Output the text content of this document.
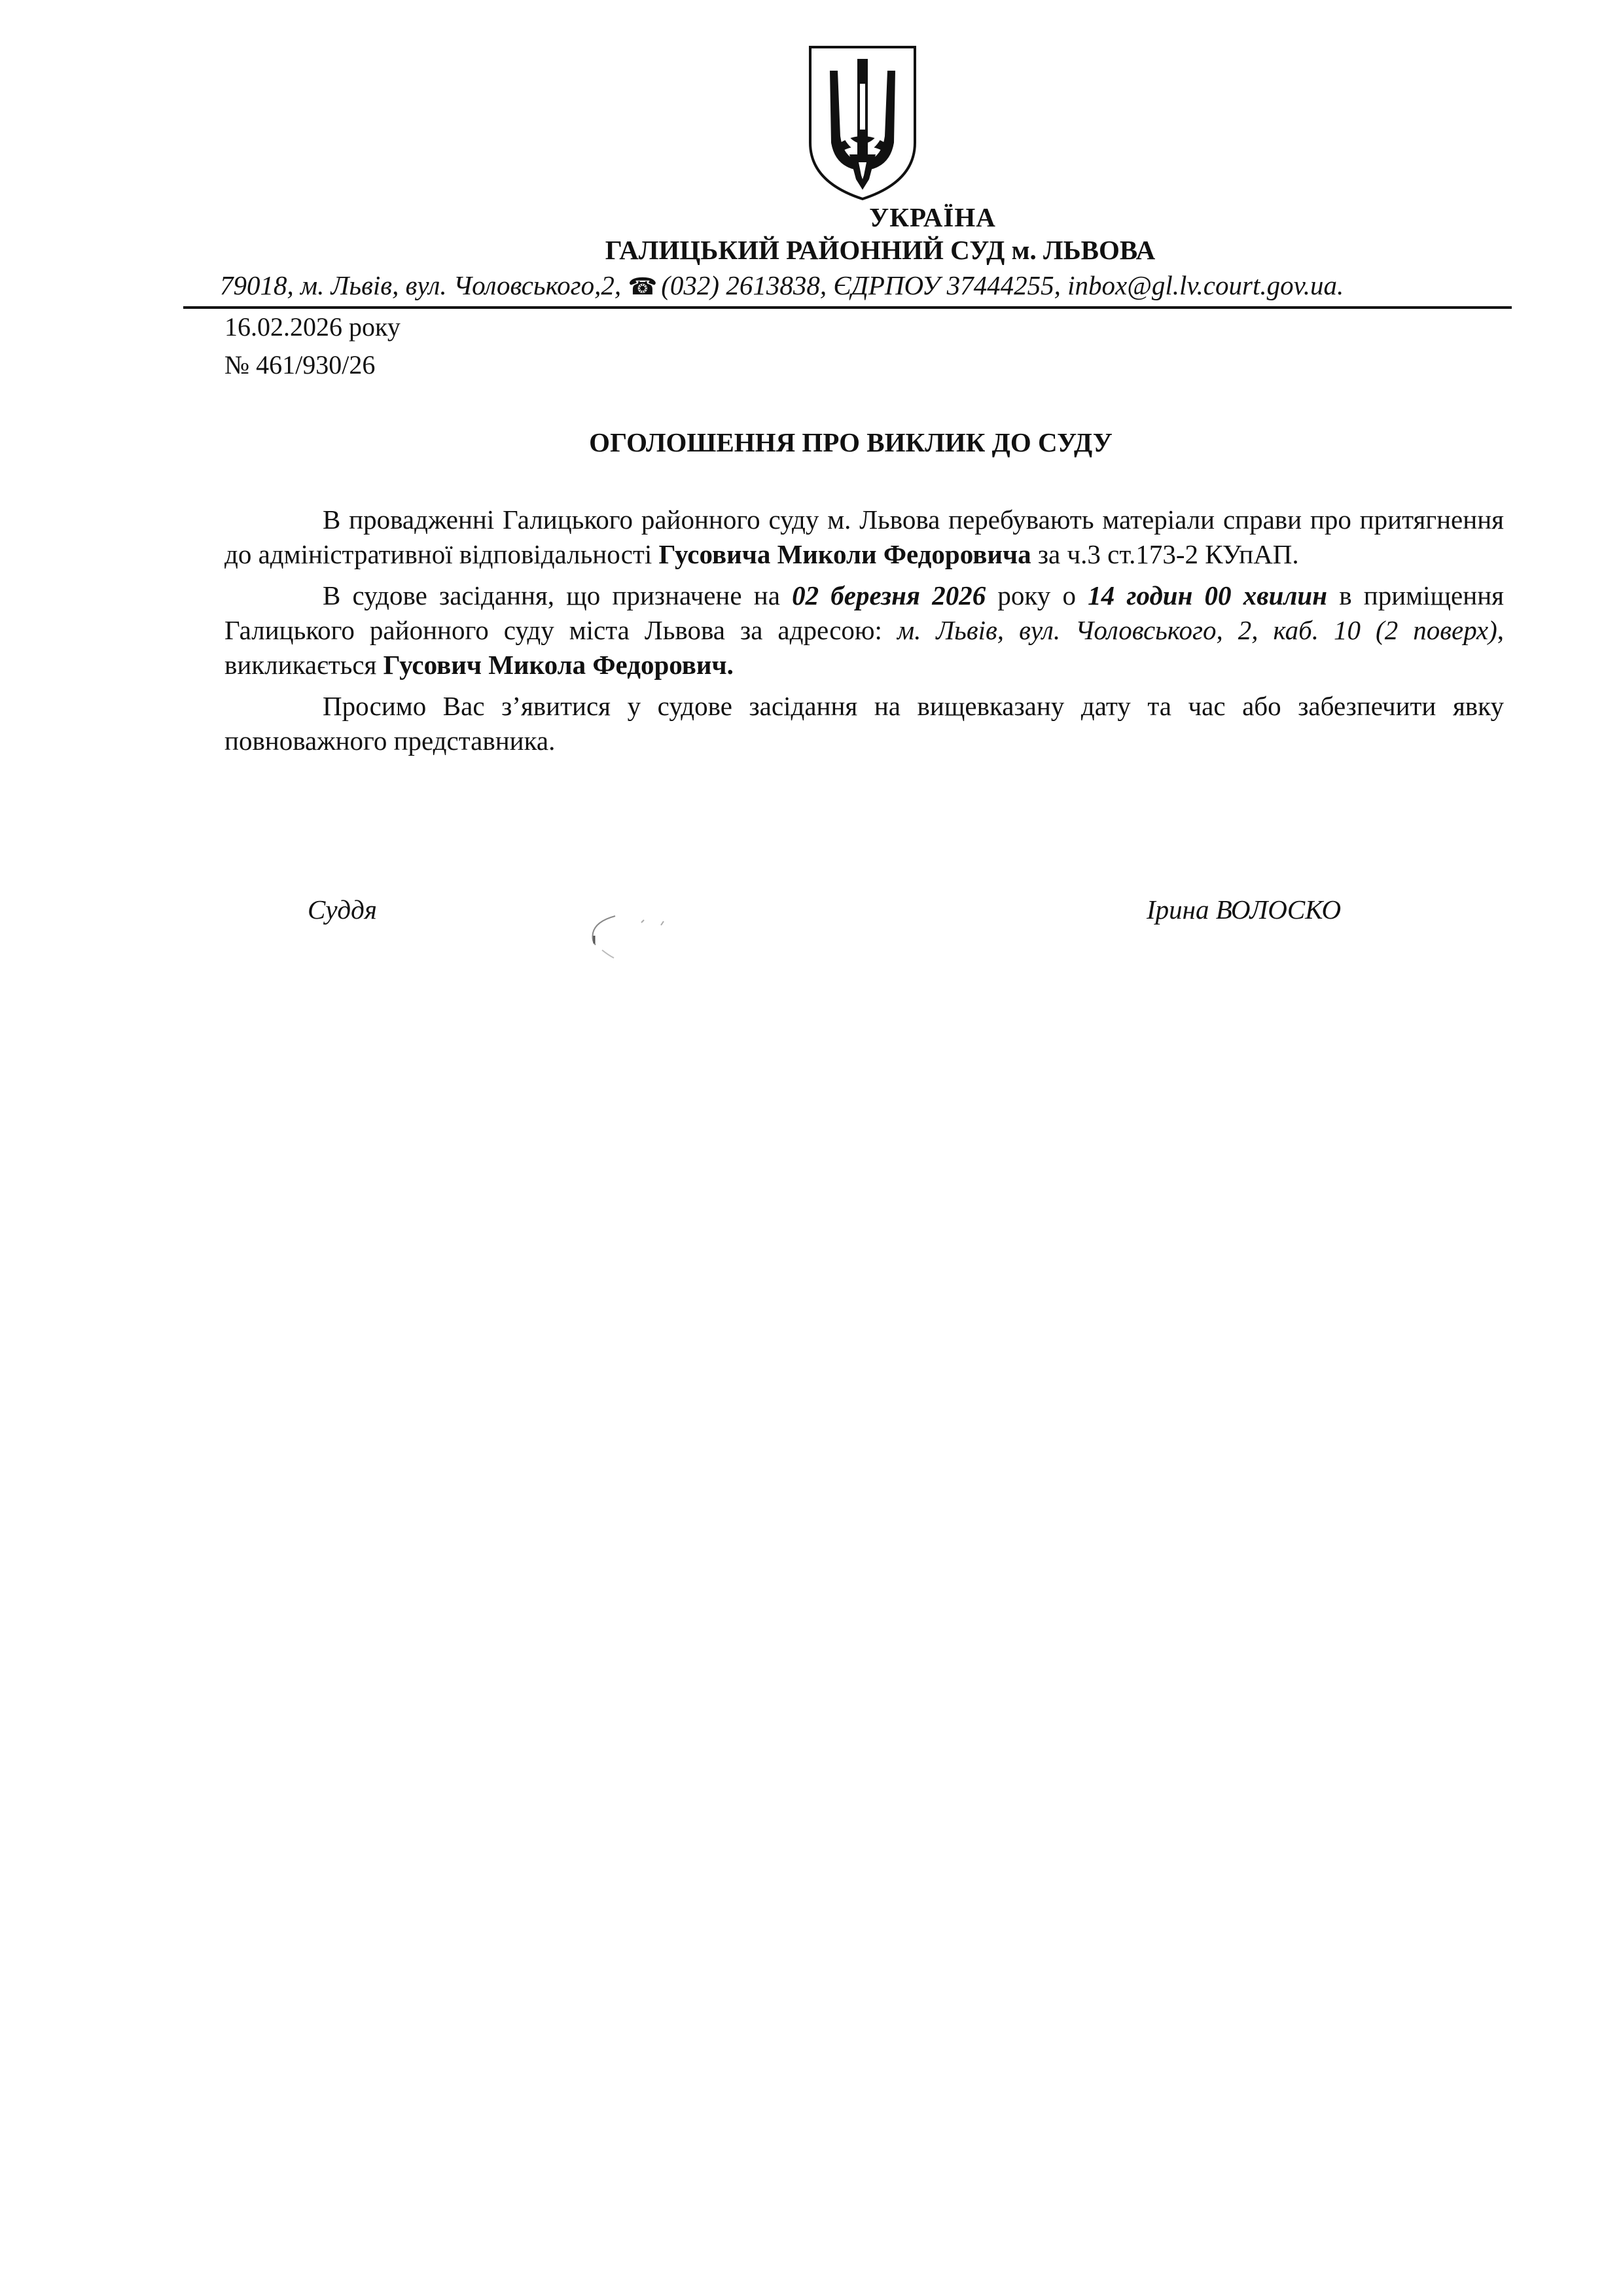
УКРАЇНА
ГАЛИЦЬКИЙ РАЙОННИЙ СУД м. ЛЬВОВА
79018, м. Львів, вул. Чоловського,2, ☎ (032) 2613838, ЄДРПОУ 37444255, inbox@gl.lv.court.gov.ua.
16.02.2026 року
№ 461/930/26
ОГОЛОШЕННЯ ПРО ВИКЛИК ДО СУДУ

В провадженні Галицького районного суду м. Львова перебувають матеріали справи про притягнення до адміністративної відповідальності Гусовича Миколи Федоровича за ч.3 ст.173-2 КУпАП.

В судове засідання, що призначене на 02 березня 2026 року о 14 годин 00 хвилин в приміщення Галицького районного суду міста Львова за адресою: м. Львів, вул. Чоловського, 2, каб. 10 (2 поверх), викликається Гусович Микола Федорович.

Просимо Вас з’явитися у судове засідання на вищевказану дату та час або забезпечити явку повноважного представника.

Суддя	Ірина ВОЛОСКО
